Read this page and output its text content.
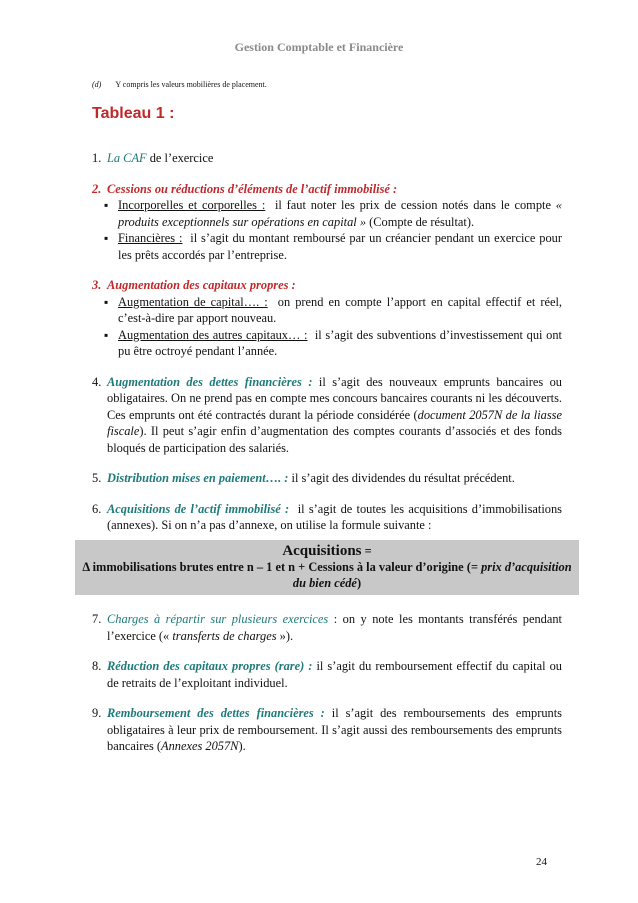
Gestion Comptable et Financière
(d) Y compris les valeurs mobilières de placement.
Tableau 1 :

1. La CAF de l’exercice

2. Cessions ou réductions d’éléments de l’actif immobilisé :

▪ Incorporelles et corporelles : il faut noter les prix de cession notés dans le compte « produits exceptionnels sur opérations en capital » (Compte de résultat).
▪ Financières : il s’agit du montant remboursé par un créancier pendant un exercice pour les prêts accordés par l’entreprise.

3. Augmentation des capitaux propres :

▪ Augmentation de capital…. : on prend en compte l’apport en capital effectif et réel, c’est-à-dire par apport nouveau.
▪ Augmentation des autres capitaux… : il s’agit des subventions d’investissement qui ont pu être octroyé pendant l’année.

4. Augmentation des dettes financières : il s’agit des nouveaux emprunts bancaires ou obligataires. On ne prend pas en compte mes concours bancaires courants ni les découverts. Ces emprunts ont été contractés durant la période considérée (document 2057N de la liasse fiscale). Il peut s’agir enfin d’augmentation des comptes courants d’associés et des fonds bloqués de participation des salariés.

5. Distribution mises en paiement…. : il s’agit des dividendes du résultat précédent.

6. Acquisitions de l’actif immobilisé : il s’agit de toutes les acquisitions d’immobilisations (annexes). Si on n’a pas d’annexe, on utilise la formule suivante :

Acquisitions =
Δ immobilisations brutes entre n – 1 et n + Cessions à la valeur d’origine (= prix d’acquisition du bien cédé)

7. Charges à répartir sur plusieurs exercices : on y note les montants transférés pendant l’exercice (« transferts de charges »).

8. Réduction des capitaux propres (rare) : il s’agit du remboursement effectif du capital ou de retraits de l’exploitant individuel.

9. Remboursement des dettes financières : il s’agit des remboursements des emprunts obligataires à leur prix de remboursement. Il s’agit aussi des remboursements des emprunts bancaires (Annexes 2057N).

24
